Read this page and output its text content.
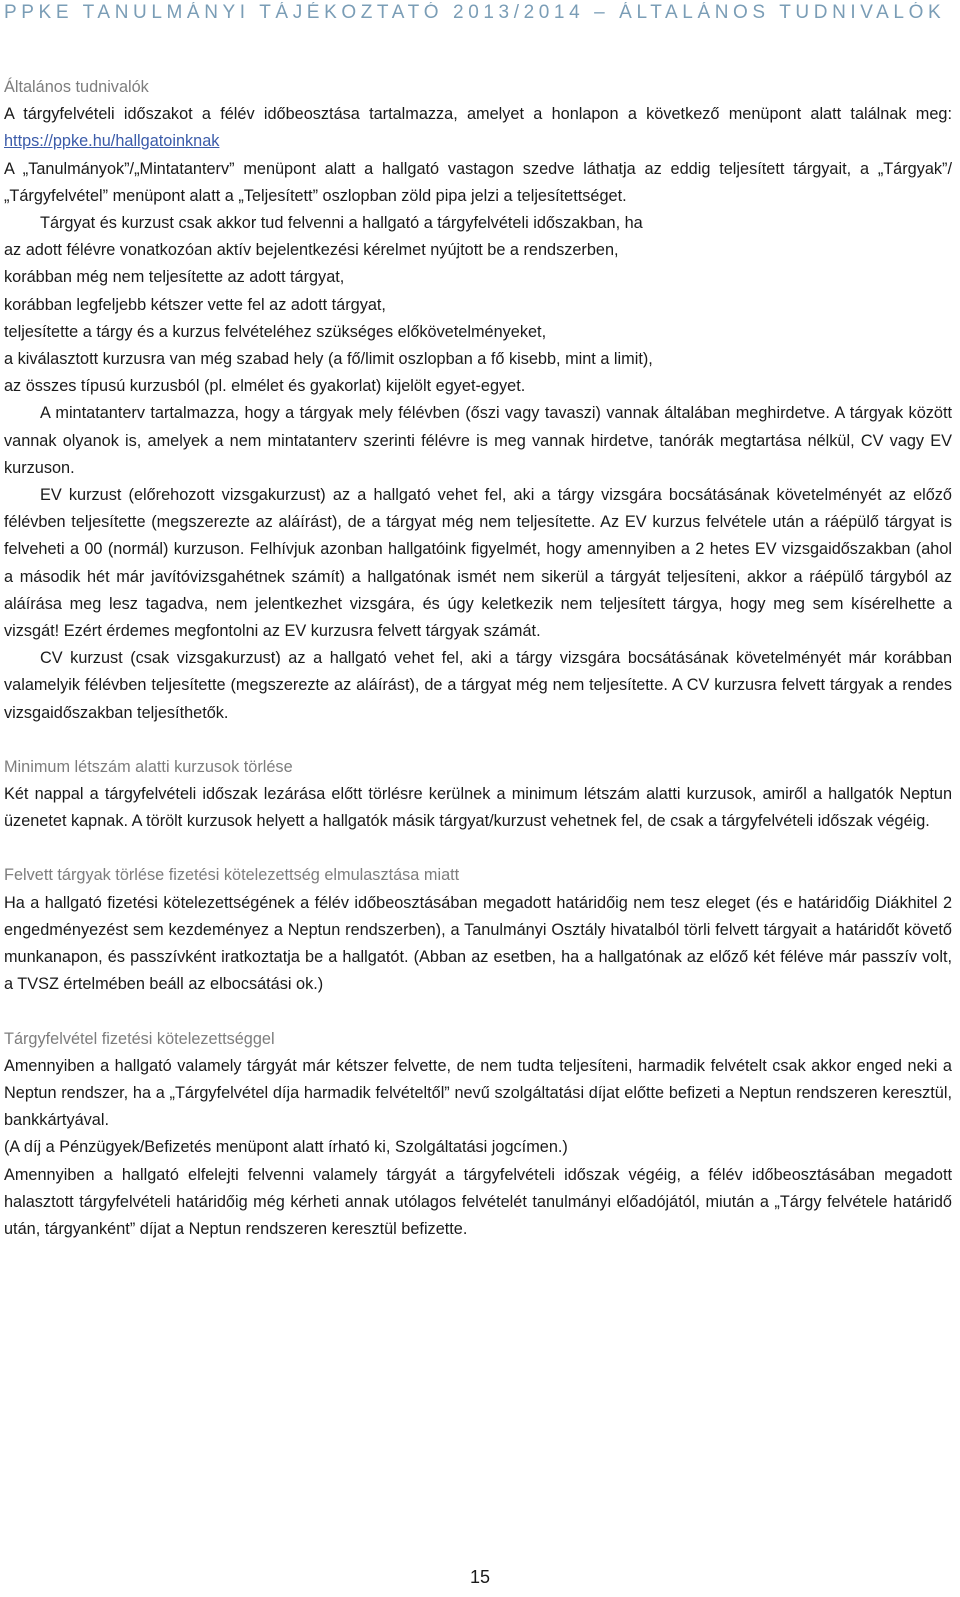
PPKE TANULMÁNYI TÁJÉKOZTATÓ 2013/2014 – ÁLTALÁNOS TUDNIVALÓK

Általános tudnivalók

A tárgyfelvételi időszakot a félév időbeosztása tartalmazza, amelyet a honlapon a következő menüpont alatt találnak meg: https://ppke.hu/hallgatoinknak

A „Tanulmányok”/„Mintatanterv” menüpont alatt a hallgató vastagon szedve láthatja az eddig teljesített tárgyait, a „Tárgyak”/„Tárgyfelvétel” menüpont alatt a „Teljesített” oszlopban zöld pipa jelzi a teljesítettséget.

Tárgyat és kurzust csak akkor tud felvenni a hallgató a tárgyfelvételi időszakban, ha

az adott félévre vonatkozóan aktív bejelentkezési kérelmet nyújtott be a rendszerben,

korábban még nem teljesítette az adott tárgyat,

korábban legfeljebb kétszer vette fel az adott tárgyat,

teljesítette a tárgy és a kurzus felvételéhez szükséges előkövetelményeket,

a kiválasztott kurzusra van még szabad hely (a fő/limit oszlopban a fő kisebb, mint a limit),

az összes típusú kurzusból (pl. elmélet és gyakorlat) kijelölt egyet-egyet.

A mintatanterv tartalmazza, hogy a tárgyak mely félévben (őszi vagy tavaszi) vannak általában meghirdetve. A tárgyak között vannak olyanok is, amelyek a nem mintatanterv szerinti félévre is meg vannak hirdetve, tanórák megtartása nélkül, CV vagy EV kurzuson.

EV kurzust (előrehozott vizsgakurzust) az a hallgató vehet fel, aki a tárgy vizsgára bocsátásának követelményét az előző félévben teljesítette (megszerezte az aláírást), de a tárgyat még nem teljesítette. Az EV kurzus felvétele után a ráépülő tárgyat is felveheti a 00 (normál) kurzuson. Felhívjuk azonban hallgatóink figyelmét, hogy amennyiben a 2 hetes EV vizsgaidőszakban (ahol a második hét már javítóvizsgahétnek számít) a hallgatónak ismét nem sikerül a tárgyát teljesíteni, akkor a ráépülő tárgyból az aláírása meg lesz tagadva, nem jelentkezhet vizsgára, és úgy keletkezik nem teljesített tárgya, hogy meg sem kísérelhette a vizsgát! Ezért érdemes megfontolni az EV kurzusra felvett tárgyak számát.

CV kurzust (csak vizsgakurzust) az a hallgató vehet fel, aki a tárgy vizsgára bocsátásának követelményét már korábban valamelyik félévben teljesítette (megszerezte az aláírást), de a tárgyat még nem teljesítette. A CV kurzusra felvett tárgyak a rendes vizsgaidőszakban teljesíthetők.

Minimum létszám alatti kurzusok törlése

Két nappal a tárgyfelvételi időszak lezárása előtt törlésre kerülnek a minimum létszám alatti kurzusok, amiről a hallgatók Neptun üzenetet kapnak. A törölt kurzusok helyett a hallgatók másik tárgyat/kurzust vehetnek fel, de csak a tárgyfelvételi időszak végéig.

Felvett tárgyak törlése fizetési kötelezettség elmulasztása miatt

Ha a hallgató fizetési kötelezettségének a félév időbeosztásában megadott határidőig nem tesz eleget (és e határidőig Diákhitel 2 engedményezést sem kezdeményez a Neptun rendszerben), a Tanulmányi Osztály hivatalból törli felvett tárgyait a határidőt követő munkanapon, és passzívként iratkoztatja be a hallgatót. (Abban az esetben, ha a hallgatónak az előző két féléve már passzív volt, a TVSZ értelmében beáll az elbocsátási ok.)

Tárgyfelvétel fizetési kötelezettséggel

Amennyiben a hallgató valamely tárgyát már kétszer felvette, de nem tudta teljesíteni, harmadik felvételt csak akkor enged neki a Neptun rendszer, ha a „Tárgyfelvétel díja harmadik felvételtől” nevű szolgáltatási díjat előtte befizeti a Neptun rendszeren keresztül, bankkártyával.

(A díj a Pénzügyek/Befizetés menüpont alatt írható ki, Szolgáltatási jogcímen.)

Amennyiben a hallgató elfelejti felvenni valamely tárgyát a tárgyfelvételi időszak végéig, a félév időbeosztásában megadott halasztott tárgyfelvételi határidőig még kérheti annak utólagos felvételét tanulmányi előadójától, miután a „Tárgy felvétele határidő után, tárgyanként” díjat a Neptun rendszeren keresztül befizette.

15
